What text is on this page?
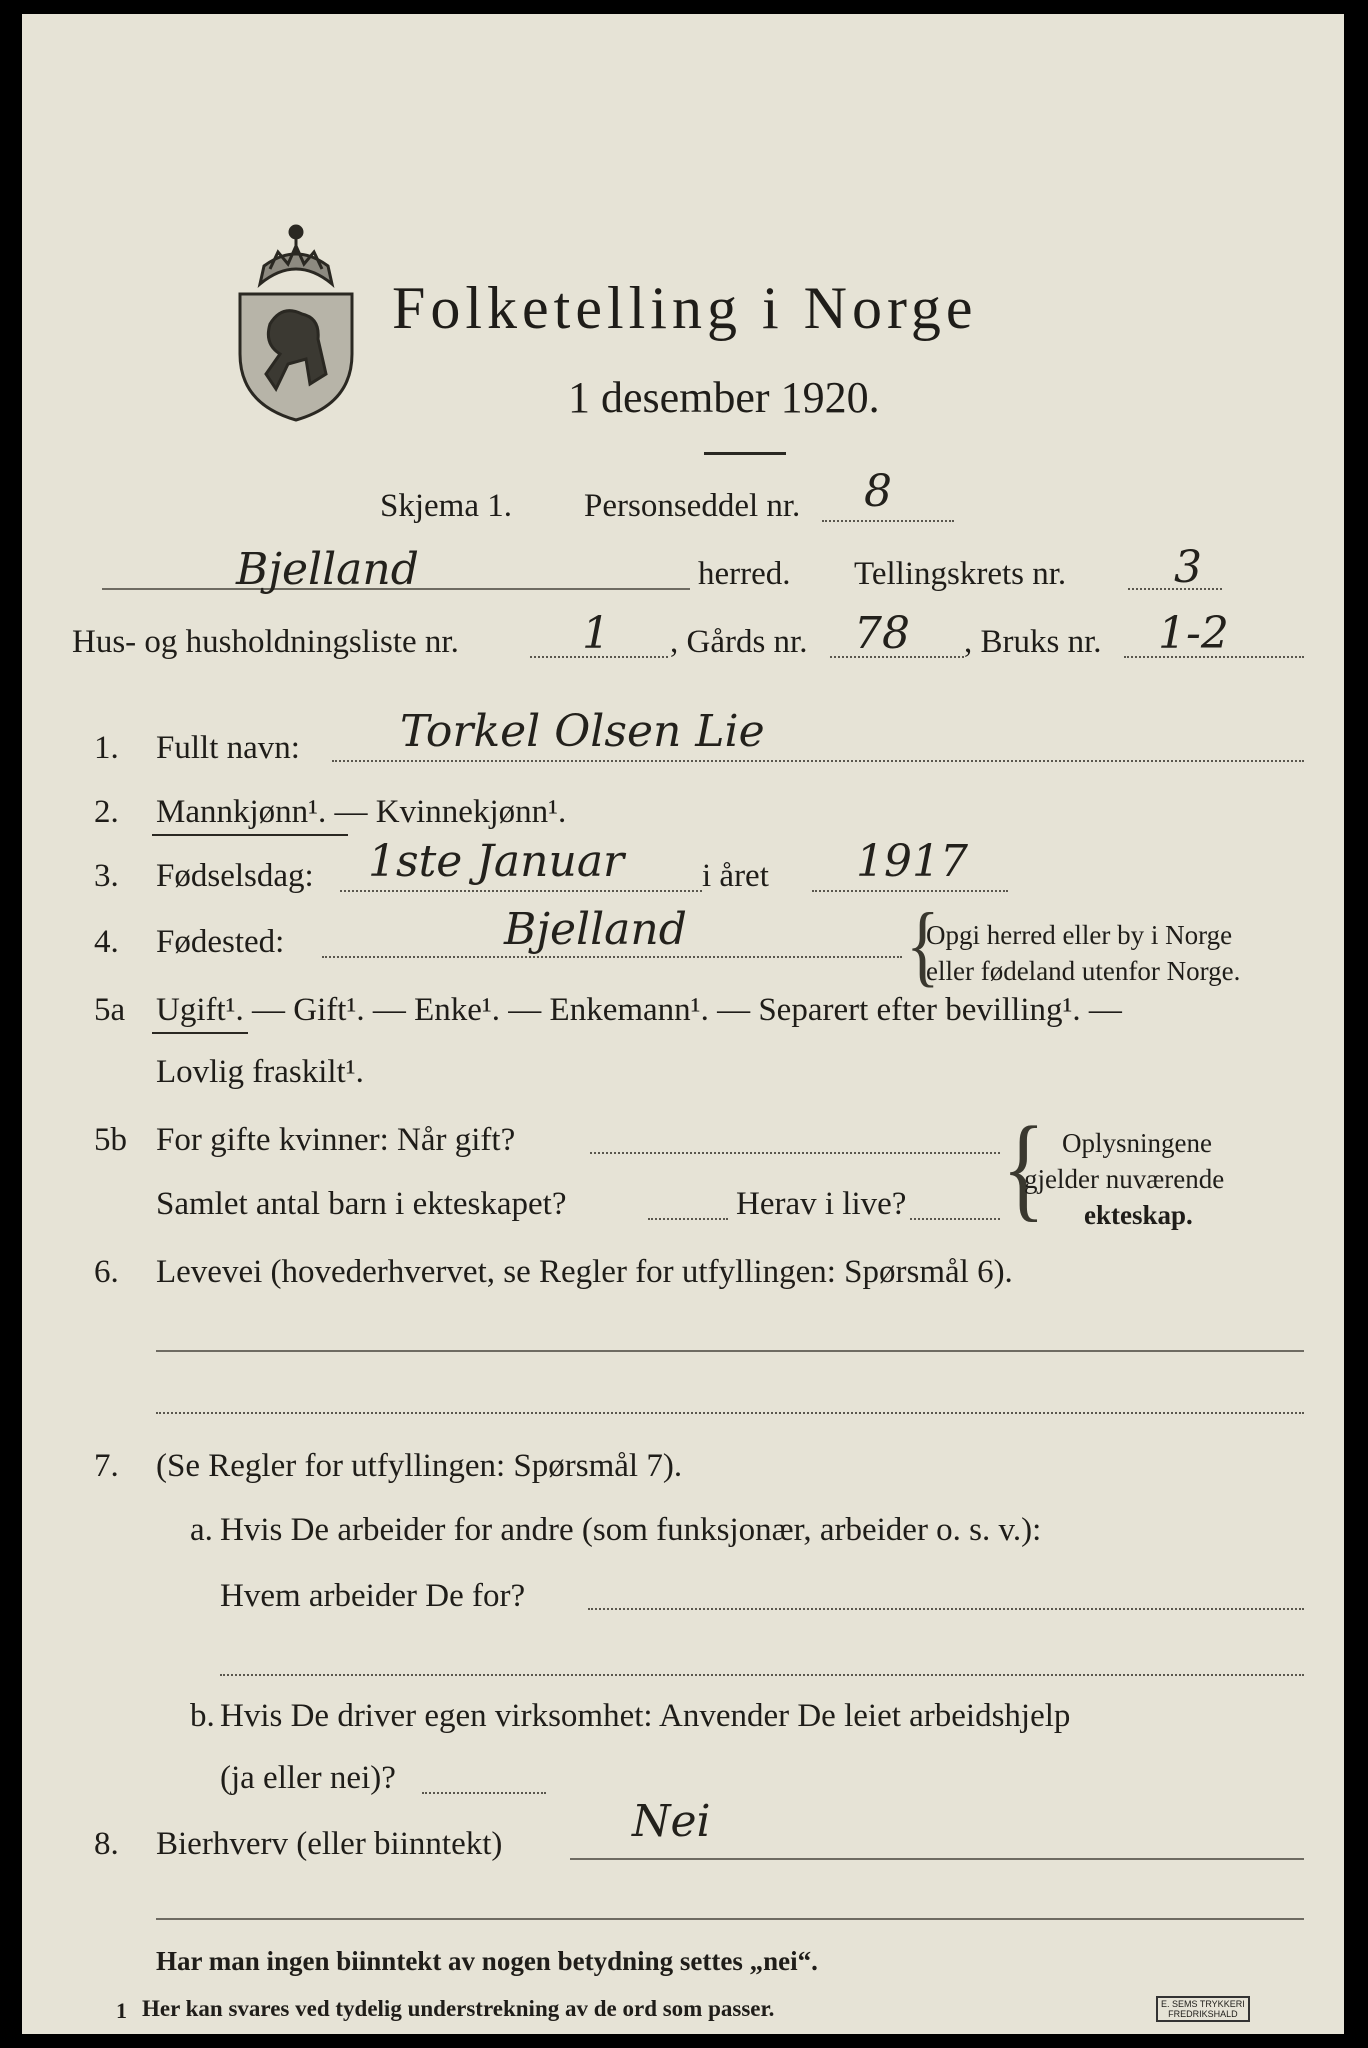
Folketelling i Norge
1 desember 1920.
Skjema 1. Personseddel nr. 8
Bjelland	herred. Tellingskrets nr. 3
Hus- og husholdningsliste nr.	1 , Gårds nr. 78 , Bruks nr. 1-2
1. Fullt navn: Torkel Olsen Lie
2. Mannkjønn¹. — Kvinnekjønn¹.
3. Fødselsdag: 1ste Januar i året 1917
4. Fødested:	Bjelland	{
Opgi herred eller by i Norge
eller fødeland utenfor Norge.
5a Ugift¹. — Gift¹. — Enke¹. — Enkemann¹. — Separert efter bevilling¹. —
Lovlig fraskilt¹.
5b For gifte kvinner: Når gift?
Samlet antal barn i ekteskapet?	Herav i live? { Oplysningene
gjelder nuværende
ekteskap.
6. Levevei (hovederhvervet, se Regler for utfyllingen: Spørsmål 6).
7. (Se Regler for utfyllingen: Spørsmål 7).
a. Hvis De arbeider for andre (som funksjonær, arbeider o. s. v.):
Hvem arbeider De for?
b. Hvis De driver egen virksomhet: Anvender De leiet arbeidshjelp
(ja eller nei)?
8. Bierhverv (eller biinntekt)	Nei
Har man ingen biinntekt av nogen betydning settes „nei“.
1 Her kan svares ved tydelig understrekning av de ord som passer.	E. SEMS TRYKKERI
FREDRIKSHALD
